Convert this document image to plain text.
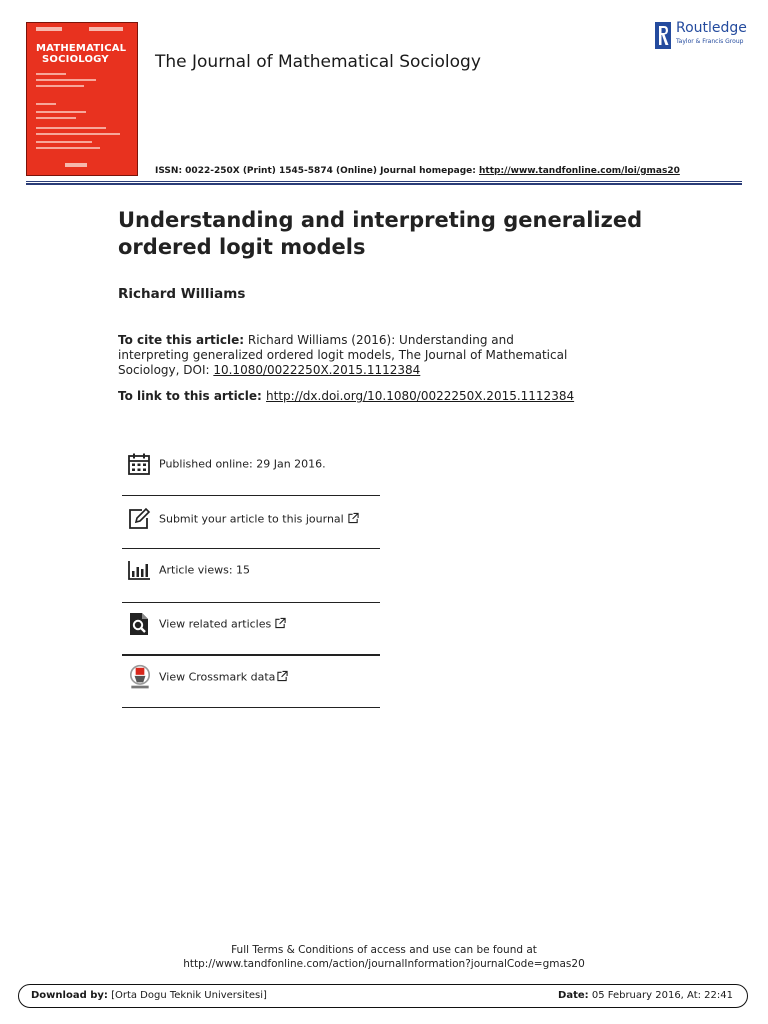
MATHEMATICAL
SOCIOLOGY	The Journal of Mathematical Sociology
ISSN: 0022-250X (Print) 1545-5874 (Online) Journal homepage: http://www.tandfonline.com/loi/gmas20
Routledge
Taylor & Francis Group
Understanding and interpreting generalized ordered logit models
Richard Williams
To cite this article: Richard Williams (2016): Understanding and interpreting generalized ordered logit models, The Journal of Mathematical Sociology, DOI: 10.1080/0022250X.2015.1112384
To link to this article: http://dx.doi.org/10.1080/0022250X.2015.1112384
Published online: 29 Jan 2016.
Submit your article to this journal
Article views: 15
View related articles
View Crossmark data
Full Terms & Conditions of access and use can be found at
http://www.tandfonline.com/action/journalInformation?journalCode=gmas20
Download by: [Orta Dogu Teknik Universitesi]	Date: 05 February 2016, At: 22:41
